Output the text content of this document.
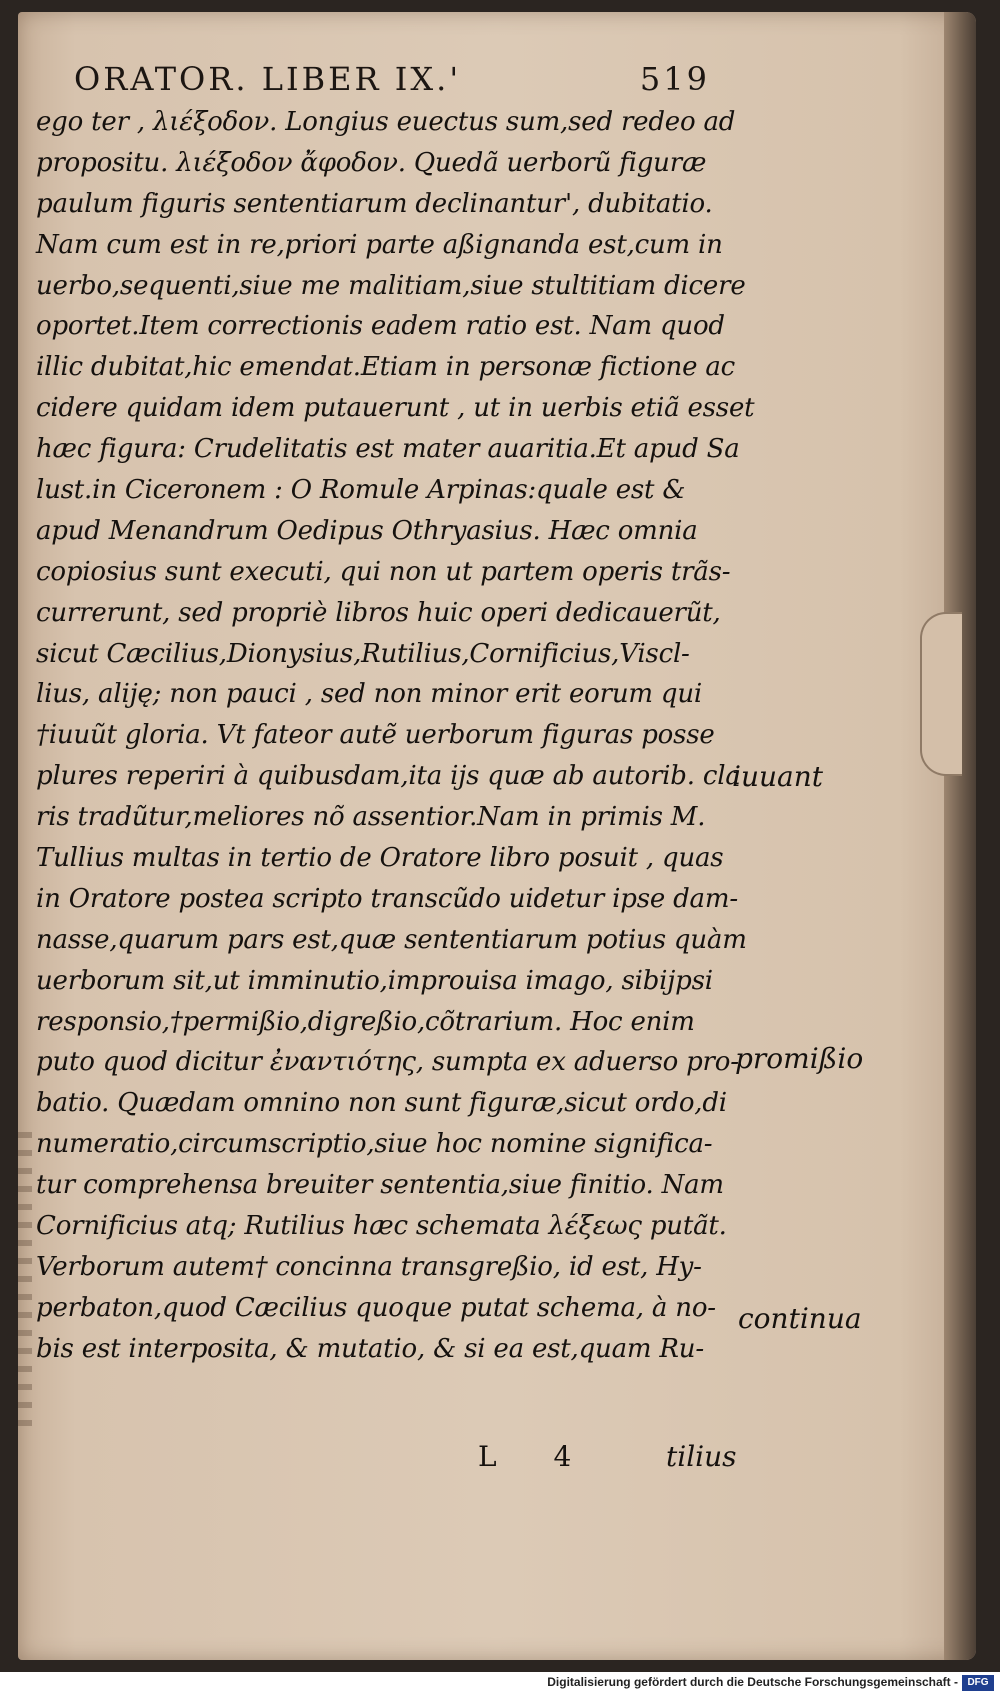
ORATOR. LIBER IX.'	519
ego ter , λιέξοδον. Longius euectus sum,sed redeo ad
propositu. λιέξοδον ἄφοδον. Quedã uerborũ figuræ
paulum figuris sententiarum declinantur', dubitatio.
Nam cum est in re,priori parte aßignanda est,cum in
uerbo,sequenti,siue me malitiam,siue stultitiam dicere
oportet.Item correctionis eadem ratio est. Nam quod
illic dubitat,hic emendat.Etiam in personæ fictione ac
cidere quidam idem putauerunt , ut in uerbis etiã esset
hæc figura: Crudelitatis est mater auaritia.Et apud Sa
lust.in Ciceronem : O Romule Arpinas:quale est &
apud Menandrum Oedipus Othryasius. Hæc omnia
copiosius sunt executi, qui non ut partem operis trãs-
currerunt, sed propriè libros huic operi dedicauerũt,
sicut Cæcilius,Dionysius,Rutilius,Cornificius,Viscl-
lius, aliję; non pauci , sed non minor erit eorum qui
†iuuũt gloria. Vt fateor autẽ uerborum figuras posse
plures reperiri à quibusdam,ita ijs quæ ab autorib. cla
ris tradũtur,meliores nõ assentior.Nam in primis M.
Tullius multas in tertio de Oratore libro posuit , quas
in Oratore postea scripto transcũdo uidetur ipse dam-
nasse,quarum pars est,quæ sententiarum potius quàm
uerborum sit,ut imminutio,improuisa imago, sibijpsi
responsio,†permißio,digreßio,cõtrarium. Hoc enim
puto quod dicitur ἐναντιότης, sumpta ex aduerso pro-
batio. Quædam omnino non sunt figuræ,sicut ordo,di
numeratio,circumscriptio,siue hoc nomine significa-
tur comprehensa breuiter sententia,siue finitio. Nam
Cornificius atq; Rutilius hæc schemata λέξεως putãt.
Verborum autem† concinna transgreßio, id est, Hy-
perbaton,quod Cæcilius quoque putat schema, à no-
bis est interposita, & mutatio, & si ea est,quam Ru-
iuuant
promißio
continua
L 4	tilius
Digitalisierung gefördert durch die Deutsche Forschungsgemeinschaft - DFG
